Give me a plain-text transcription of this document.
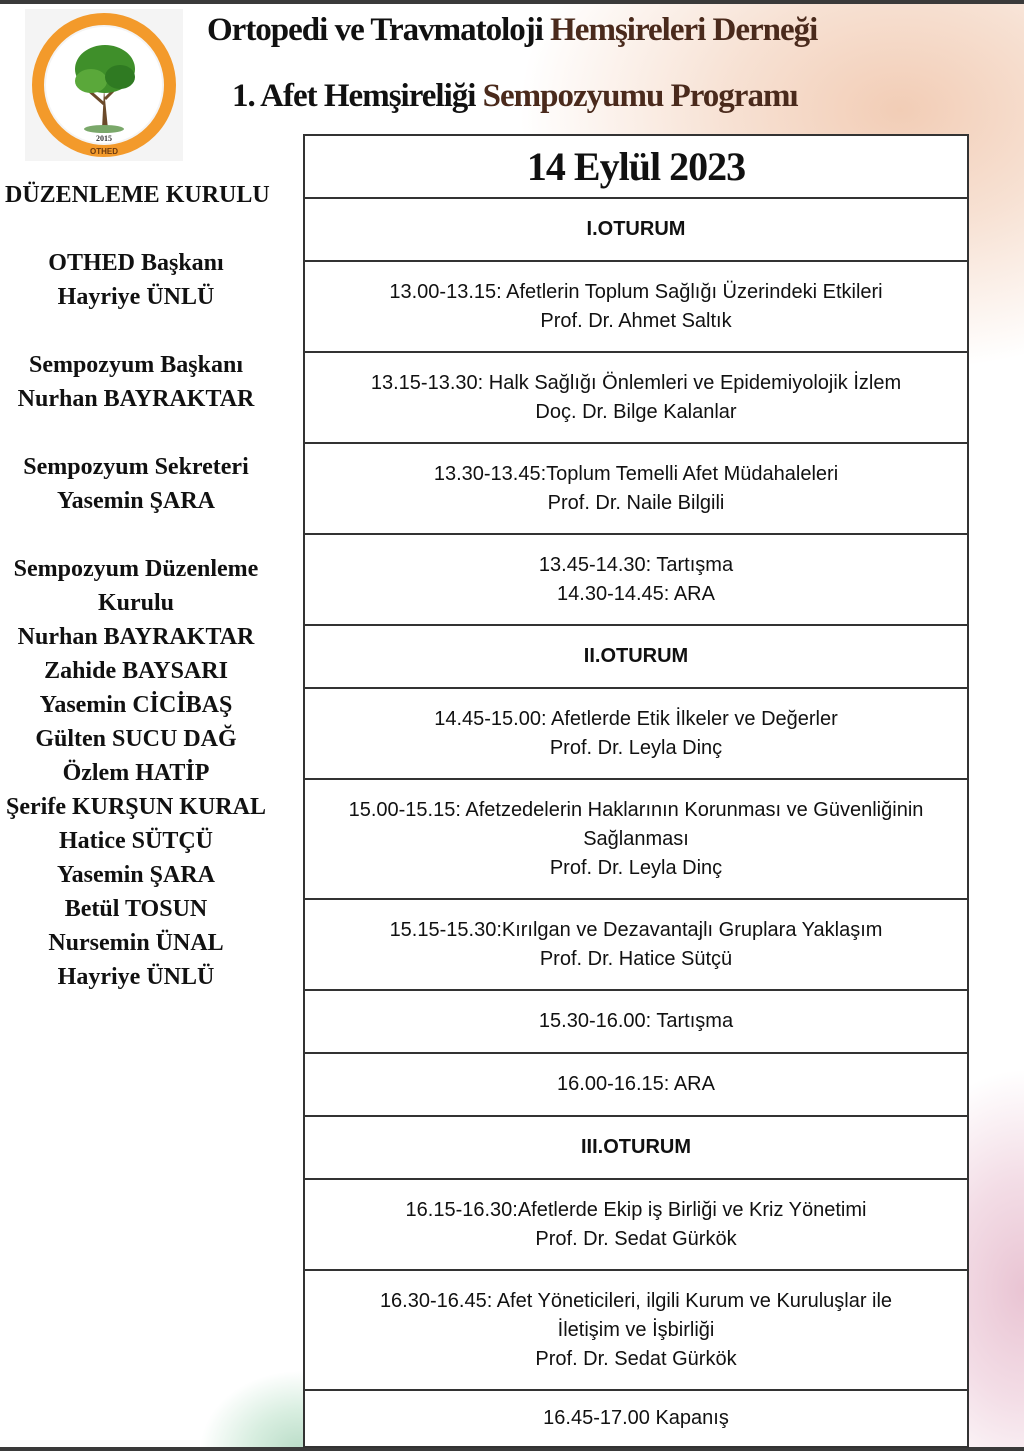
2015
OTHED
Ortopedi ve Travmatoloji Hemşireleri Derneği
1. Afet Hemşireliği Sempozyumu Programı
DÜZENLEME KURULU
OTHED Başkanı
Hayriye ÜNLÜ
Sempozyum Başkanı
Nurhan BAYRAKTAR
Sempozyum Sekreteri
Yasemin ŞARA
Sempozyum Düzenleme Kurulu
Nurhan BAYRAKTAR
Zahide BAYSARI
Yasemin CİCİBAŞ
Gülten SUCU DAĞ
Özlem HATİP
Şerife KURŞUN KURAL
Hatice SÜTÇÜ
Yasemin ŞARA
Betül TOSUN
Nursemin ÜNAL
Hayriye ÜNLÜ
14 Eylül 2023

I.OTURUM

13.00-13.15: Afetlerin Toplum Sağlığı Üzerindeki Etkileri
Prof. Dr. Ahmet Saltık

13.15-13.30: Halk Sağlığı Önlemleri ve Epidemiyolojik İzlem
Doç. Dr. Bilge Kalanlar

13.30-13.45:Toplum Temelli Afet Müdahaleleri
Prof. Dr. Naile Bilgili

13.45-14.30: Tartışma
14.30-14.45: ARA

II.OTURUM

14.45-15.00: Afetlerde Etik İlkeler ve Değerler
Prof. Dr. Leyla Dinç

15.00-15.15: Afetzedelerin Haklarının Korunması ve Güvenliğinin
Sağlanması
Prof. Dr. Leyla Dinç

15.15-15.30:Kırılgan ve Dezavantajlı Gruplara Yaklaşım
Prof. Dr. Hatice Sütçü

15.30-16.00: Tartışma

16.00-16.15: ARA

III.OTURUM

16.15-16.30:Afetlerde Ekip iş Birliği ve Kriz Yönetimi
Prof. Dr. Sedat Gürkök

16.30-16.45: Afet Yöneticileri, ilgili Kurum ve Kuruluşlar ile
İletişim ve İşbirliği
Prof. Dr. Sedat Gürkök

16.45-17.00 Kapanış
